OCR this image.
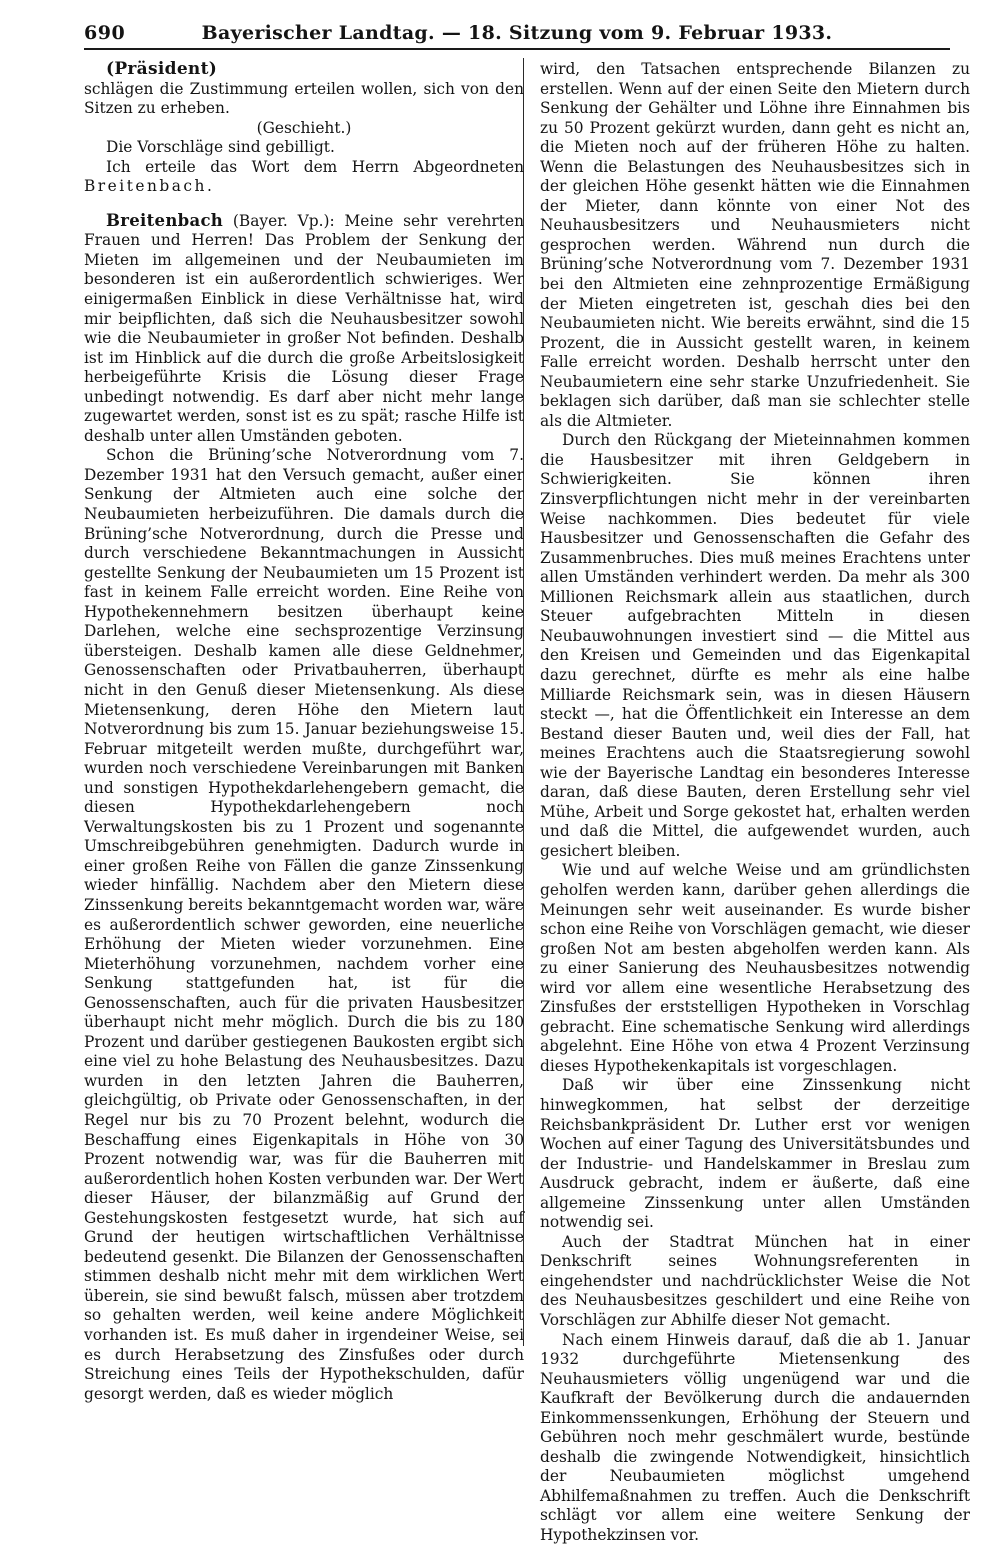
690	Bayerischer Landtag. — 18. Sitzung vom 9. Februar 1933.

(Präsident)

schlägen die Zustimmung erteilen wollen, sich von den Sitzen zu erheben.

(Geschieht.)

Die Vorschläge sind gebilligt.

Ich erteile das Wort dem Herrn Abgeordneten Breitenbach.

Breitenbach (Bayer. Vp.): Meine sehr verehrten Frauen und Herren! Das Problem der Senkung der Mieten im allgemeinen und der Neubaumieten im besonderen ist ein außerordentlich schwieriges. Wer einigermaßen Einblick in diese Verhältnisse hat, wird mir beipflichten, daß sich die Neuhausbesitzer sowohl wie die Neubaumieter in großer Not befinden. Deshalb ist im Hinblick auf die durch die große Arbeitslosigkeit herbeigeführte Krisis die Lösung dieser Frage unbedingt notwendig. Es darf aber nicht mehr lange zugewartet werden, sonst ist es zu spät; rasche Hilfe ist deshalb unter allen Umständen geboten.

Schon die Brüning’sche Notverordnung vom 7. Dezember 1931 hat den Versuch gemacht, außer einer Senkung der Altmieten auch eine solche der Neubaumieten herbeizuführen. Die damals durch die Brüning’sche Notverordnung, durch die Presse und durch verschiedene Bekanntmachungen in Aussicht gestellte Senkung der Neubaumieten um 15 Prozent ist fast in keinem Falle erreicht worden. Eine Reihe von Hypothekennehmern besitzen überhaupt keine Darlehen, welche eine sechsprozentige Verzinsung übersteigen. Deshalb kamen alle diese Geldnehmer, Genossenschaften oder Privatbauherren, überhaupt nicht in den Genuß dieser Mietensenkung. Als diese Mietensenkung, deren Höhe den Mietern laut Notverordnung bis zum 15. Januar beziehungsweise 15. Februar mitgeteilt werden mußte, durchgeführt war, wurden noch verschiedene Vereinbarungen mit Banken und sonstigen Hypothekdarlehengebern gemacht, die diesen Hypothekdarlehengebern noch Verwaltungskosten bis zu 1 Prozent und sogenannte Umschreibgebühren genehmigten. Dadurch wurde in einer großen Reihe von Fällen die ganze Zinssenkung wieder hinfällig. Nachdem aber den Mietern diese Zinssenkung bereits bekanntgemacht worden war, wäre es außerordentlich schwer geworden, eine neuerliche Erhöhung der Mieten wieder vorzunehmen. Eine Mieterhöhung vorzunehmen, nachdem vorher eine Senkung stattgefunden hat, ist für die Genossenschaften, auch für die privaten Hausbesitzer überhaupt nicht mehr möglich. Durch die bis zu 180 Prozent und darüber gestiegenen Baukosten ergibt sich eine viel zu hohe Belastung des Neuhausbesitzes. Dazu wurden in den letzten Jahren die Bauherren, gleichgültig, ob Private oder Genossenschaften, in der Regel nur bis zu 70 Prozent belehnt, wodurch die Beschaffung eines Eigenkapitals in Höhe von 30 Prozent notwendig war, was für die Bauherren mit außerordentlich hohen Kosten verbunden war. Der Wert dieser Häuser, der bilanzmäßig auf Grund der Gestehungskosten festgesetzt wurde, hat sich auf Grund der heutigen wirtschaftlichen Verhältnisse bedeutend gesenkt. Die Bilanzen der Genossenschaften stimmen deshalb nicht mehr mit dem wirklichen Wert überein, sie sind bewußt falsch, müssen aber trotzdem so gehalten werden, weil keine andere Möglichkeit vorhanden ist. Es muß daher in irgendeiner Weise, sei es durch Herabsetzung des Zinsfußes oder durch Streichung eines Teils der Hypothekschulden, dafür gesorgt werden, daß es wieder möglich

wird, den Tatsachen entsprechende Bilanzen zu erstellen. Wenn auf der einen Seite den Mietern durch Senkung der Gehälter und Löhne ihre Einnahmen bis zu 50 Prozent gekürzt wurden, dann geht es nicht an, die Mieten noch auf der früheren Höhe zu halten. Wenn die Belastungen des Neuhausbesitzes sich in der gleichen Höhe gesenkt hätten wie die Einnahmen der Mieter, dann könnte von einer Not des Neuhausbesitzers und Neuhausmieters nicht gesprochen werden. Während nun durch die Brüning’sche Notverordnung vom 7. Dezember 1931 bei den Altmieten eine zehnprozentige Ermäßigung der Mieten eingetreten ist, geschah dies bei den Neubaumieten nicht. Wie bereits erwähnt, sind die 15 Prozent, die in Aussicht gestellt waren, in keinem Falle erreicht worden. Deshalb herrscht unter den Neubaumietern eine sehr starke Unzufriedenheit. Sie beklagen sich darüber, daß man sie schlechter stelle als die Altmieter.

Durch den Rückgang der Mieteinnahmen kommen die Hausbesitzer mit ihren Geldgebern in Schwierigkeiten. Sie können ihren Zinsverpflichtungen nicht mehr in der vereinbarten Weise nachkommen. Dies bedeutet für viele Hausbesitzer und Genossenschaften die Gefahr des Zusammenbruches. Dies muß meines Erachtens unter allen Umständen verhindert werden. Da mehr als 300 Millionen Reichsmark allein aus staatlichen, durch Steuer aufgebrachten Mitteln in diesen Neubauwohnungen investiert sind — die Mittel aus den Kreisen und Gemeinden und das Eigenkapital dazu gerechnet, dürfte es mehr als eine halbe Milliarde Reichsmark sein, was in diesen Häusern steckt —, hat die Öffentlichkeit ein Interesse an dem Bestand dieser Bauten und, weil dies der Fall, hat meines Erachtens auch die Staatsregierung sowohl wie der Bayerische Landtag ein besonderes Interesse daran, daß diese Bauten, deren Erstellung sehr viel Mühe, Arbeit und Sorge gekostet hat, erhalten werden und daß die Mittel, die aufgewendet wurden, auch gesichert bleiben.

Wie und auf welche Weise und am gründlichsten geholfen werden kann, darüber gehen allerdings die Meinungen sehr weit auseinander. Es wurde bisher schon eine Reihe von Vorschlägen gemacht, wie dieser großen Not am besten abgeholfen werden kann. Als zu einer Sanierung des Neuhausbesitzes notwendig wird vor allem eine wesentliche Herabsetzung des Zinsfußes der erststelligen Hypotheken in Vorschlag gebracht. Eine schematische Senkung wird allerdings abgelehnt. Eine Höhe von etwa 4 Prozent Verzinsung dieses Hypothekenkapitals ist vorgeschlagen.

Daß wir über eine Zinssenkung nicht hinwegkommen, hat selbst der derzeitige Reichsbankpräsident Dr. Luther erst vor wenigen Wochen auf einer Tagung des Universitätsbundes und der Industrie- und Handelskammer in Breslau zum Ausdruck gebracht, indem er äußerte, daß eine allgemeine Zinssenkung unter allen Umständen notwendig sei.

Auch der Stadtrat München hat in einer Denkschrift seines Wohnungsreferenten in eingehendster und nachdrücklichster Weise die Not des Neuhausbesitzes geschildert und eine Reihe von Vorschlägen zur Abhilfe dieser Not gemacht.

Nach einem Hinweis darauf, daß die ab 1. Januar 1932 durchgeführte Mietensenkung des Neuhausmieters völlig ungenügend war und die Kaufkraft der Bevölkerung durch die andauernden Einkommenssenkungen, Erhöhung der Steuern und Gebühren noch mehr geschmälert wurde, bestünde deshalb die zwingende Notwendigkeit, hinsichtlich der Neubaumieten möglichst umgehend Abhilfemaßnahmen zu treffen. Auch die Denkschrift schlägt vor allem eine weitere Senkung der Hypothekzinsen vor.
